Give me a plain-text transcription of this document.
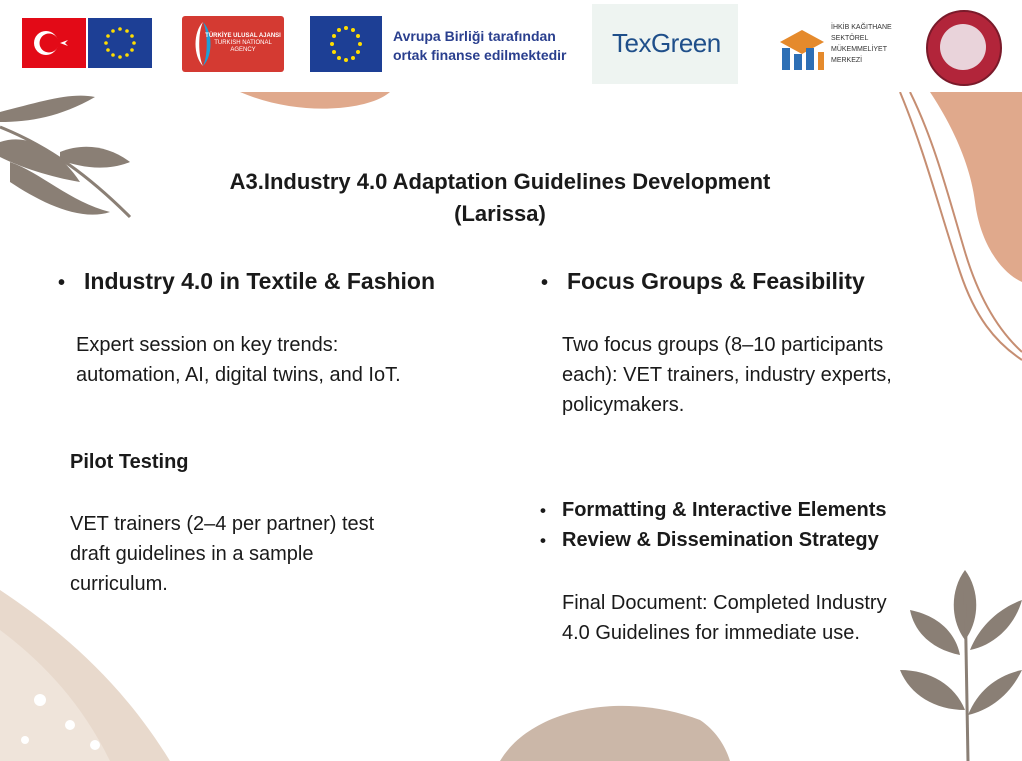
TÜRKİYE ULUSAL AJANSI
TURKISH NATIONAL AGENCY
Avrupa Birliği tarafından
ortak finanse edilmektedir	TexGreen
İHKİB KAĞITHANE
SEKTÖREL
MÜKEMMELİYET
MERKEZİ
A3.Industry 4.0 Adaptation Guidelines Development
(Larissa)
• Industry 4.0 in Textile & Fashion
Expert session on key trends:
automation, AI, digital twins, and IoT.
Pilot Testing
VET trainers (2–4 per partner) test
draft guidelines in a sample
curriculum.
• Focus Groups & Feasibility
Two focus groups (8–10 participants
each): VET trainers, industry experts,
policymakers.
• Formatting & Interactive Elements
• Review & Dissemination Strategy
Final Document: Completed Industry
4.0 Guidelines for immediate use.
